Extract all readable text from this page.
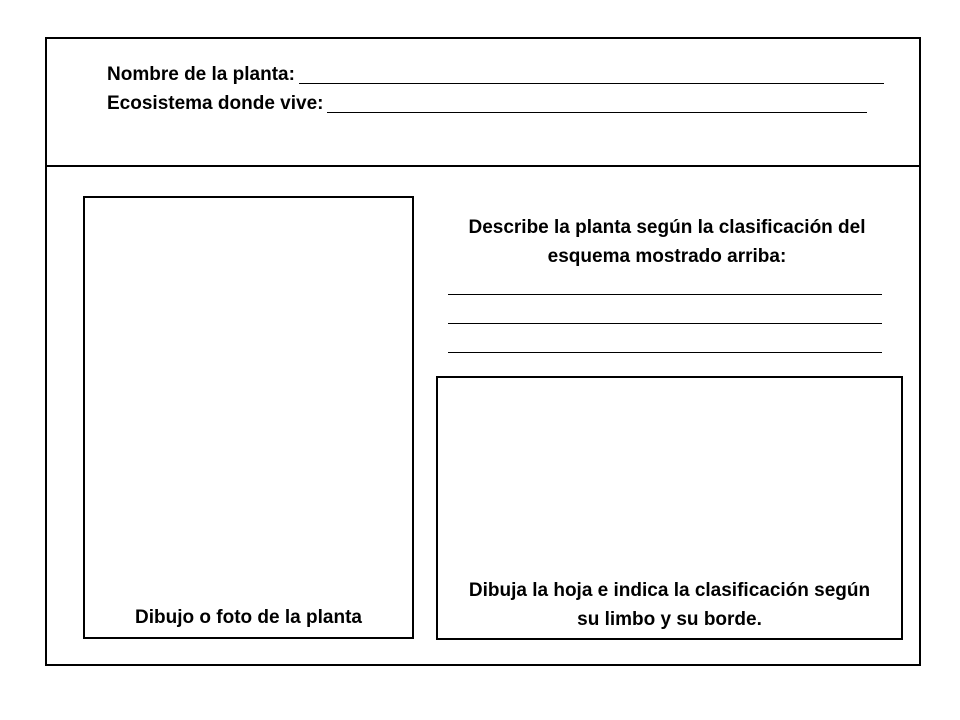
Nombre de la planta:
Ecosistema donde vive:
Dibujo o foto de la planta
Describe la planta según la clasificación del
esquema mostrado arriba:
Dibuja la hoja e indica la clasificación según
su limbo y su borde.
